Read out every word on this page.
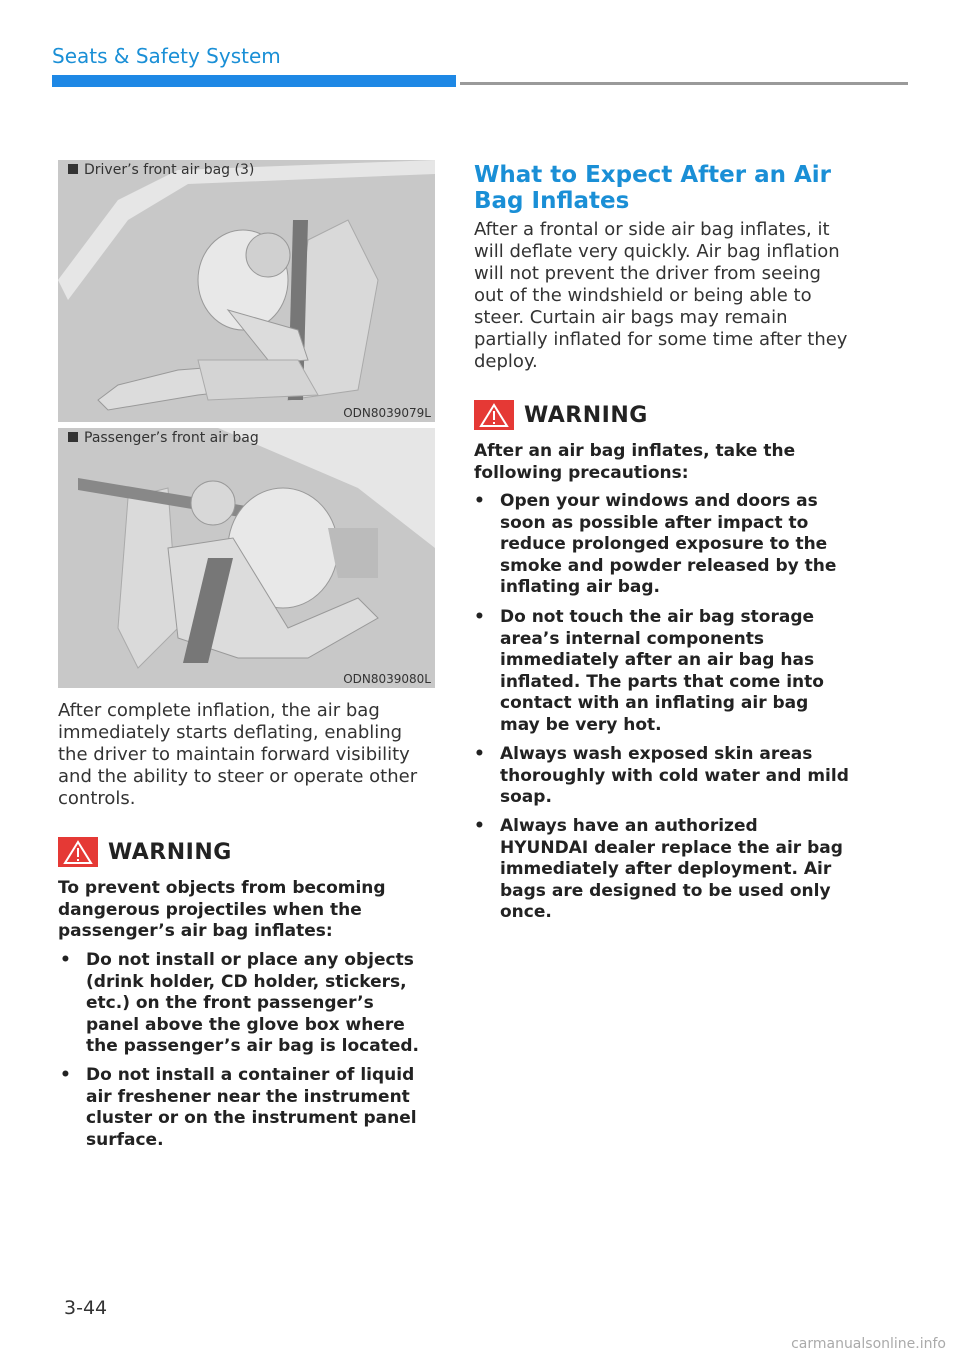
Seats & Safety System
Driver’s front air bag (3)
ODN8039079L
Passenger’s front air bag
ODN8039080L
After complete inflation, the air bag immediately starts deflating, enabling the driver to maintain forward visibility and the ability to steer or operate other controls.
WARNING
To prevent objects from becoming dangerous projectiles when the passenger’s air bag inflates:
• Do not install or place any objects (drink holder, CD holder, stickers, etc.) on the front passenger’s panel above the glove box where the passenger’s air bag is located.
• Do not install a container of liquid air freshener near the instrument cluster or on the instrument panel surface.
What to Expect After an Air Bag Inflates
After a frontal or side air bag inflates, it will deflate very quickly. Air bag inflation will not prevent the driver from seeing out of the windshield or being able to steer. Curtain air bags may remain partially inflated for some time after they deploy.
WARNING
After an air bag inflates, take the following precautions:
• Open your windows and doors as soon as possible after impact to reduce prolonged exposure to the smoke and powder released by the inflating air bag.
• Do not touch the air bag storage area’s internal components immediately after an air bag has inflated. The parts that come into contact with an inflating air bag may be very hot.
• Always wash exposed skin areas thoroughly with cold water and mild soap.
• Always have an authorized HYUNDAI dealer replace the air bag immediately after deployment. Air bags are designed to be used only once.
3-44
carmanualsonline.info
